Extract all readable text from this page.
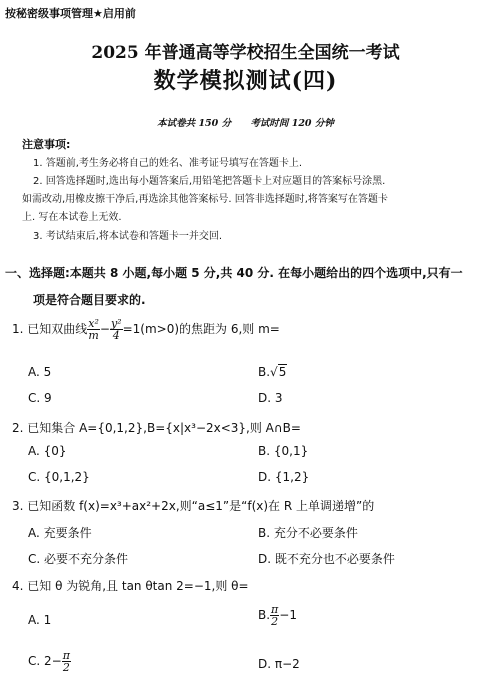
按秘密级事项管理★启用前
2025 年普通高等学校招生全国统一考试
数学模拟测试(四)
本试卷共 150 分 考试时间 120 分钟
注意事项:
1. 答题前,考生务必将自己的姓名、准考证号填写在答题卡上.
2. 回答选择题时,选出每小题答案后,用铅笔把答题卡上对应题目的答案标号涂黑.
如需改动,用橡皮擦干净后,再选涂其他答案标号. 回答非选择题时,将答案写在答题卡
上. 写在本试卷上无效.
3. 考试结束后,将本试卷和答题卡一并交回.
一、选择题:本题共 8 小题,每小题 5 分,共 40 分. 在每小题给出的四个选项中,只有一
项是符合题目要求的.
1. 已知双曲线 $\frac{\text{x²}}{m} - \frac{\text{y²}}{4} =1(m>0)$的焦距为 6,则 m=
A. 5	B.√5
C. 9	D. 3
2. 已知集合 A={0,1,2},B={x|x³−2x<3},则 A∩B=
A. {0}	B. {0,1}
C. {0,1,2}	D. {1,2}
3. 已知函数 f(x)=x³+ax²+2x,则“a≤1”是“f(x)在 R 上单调递增”的
A. 充要条件	B. 充分不必要条件
C. 必要不充分条件	D. 既不充分也不必要条件
4. 已知 θ 为锐角,且 tan θtan 2=−1,则 θ=
A. 1	B. $\frac{\pi}{2} -1$
C. $2- \frac{\pi}{2}$	D. π−2
